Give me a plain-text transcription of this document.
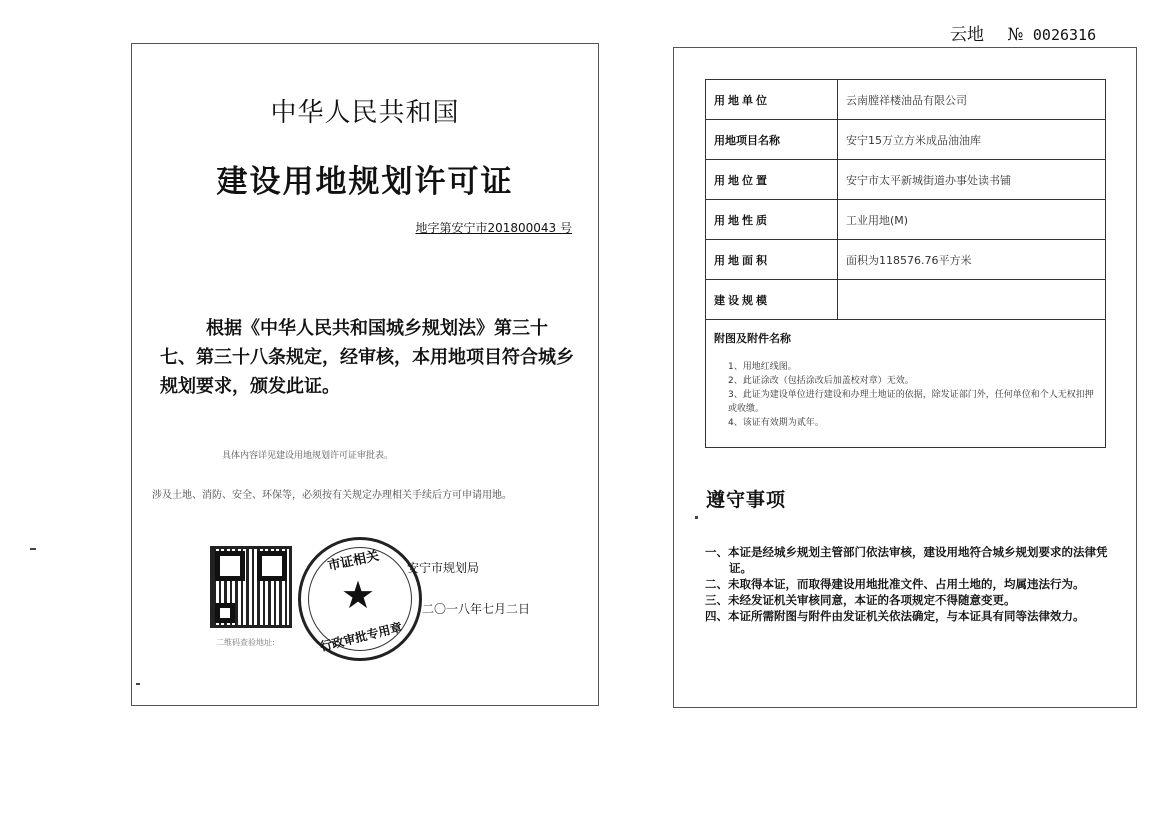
云地 № 0026316
中华人民共和国
建设用地规划许可证
地字第安宁市201800043 号

根据《中华人民共和国城乡规划法》第三十七、第三十八条规定，经审核，本用地项目符合城乡规划要求，颁发此证。

具体内容详见建设用地规划许可证审批表。
涉及土地、消防、安全、环保等，必须按有关规定办理相关手续后方可申请用地。
二维码查验地址:
市证相关
★
行政审批专用章
安宁市规划局
二〇一八年七月二日
用地单位	云南膛祥楼油品有限公司
用地项目名称	安宁15万立方米成品油油库
用地位置	安宁市太平新城街道办事处读书铺
用地性质	工业用地(M)
用地面积	面积为118576.76平方米
建设规模	

附图及附件名称
1、用地红线图。
2、此证涂改（包括涂改后加盖校对章）无效。
3、此证为建设单位进行建设和办理土地证的依据，除发证部门外，任何单位和个人无权扣押或收缴。
4、该证有效期为贰年。	
遵守事项
一、本证是经城乡规划主管部门依法审核，建设用地符合城乡规划要求的法律凭证。
二、未取得本证，而取得建设用地批准文件、占用土地的，均属违法行为。
三、未经发证机关审核同意，本证的各项规定不得随意变更。
四、本证所需附图与附件由发证机关依法确定，与本证具有同等法律效力。
